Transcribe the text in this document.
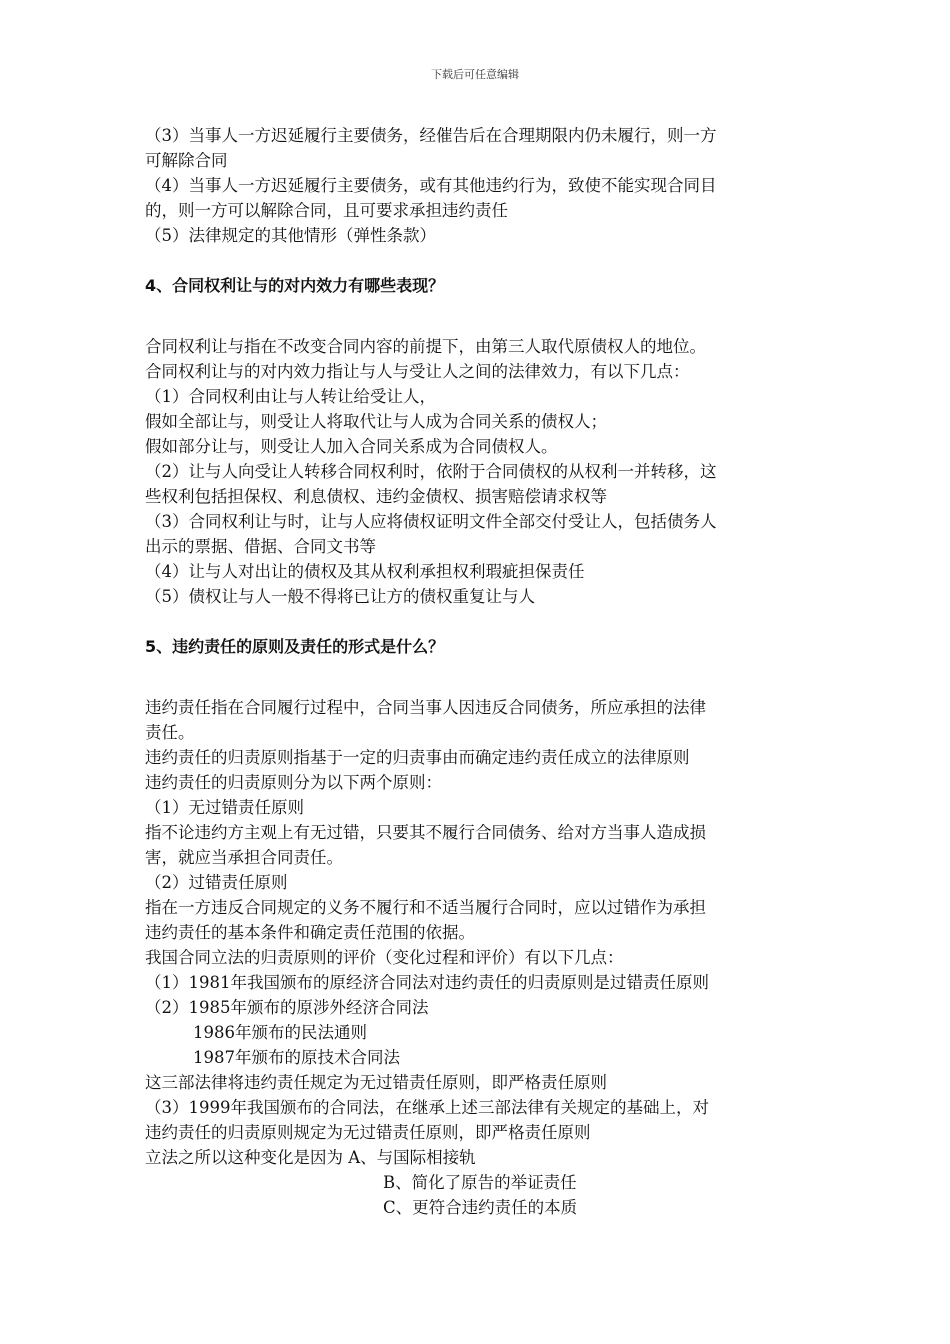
下载后可任意编辑

（3）当事人一方迟延履行主要债务，经催告后在合理期限内仍未履行，则一方

可解除合同

（4）当事人一方迟延履行主要债务，或有其他违约行为，致使不能实现合同目

的，则一方可以解除合同，且可要求承担违约责任

（5）法律规定的其他情形（弹性条款）

4、合同权利让与的对内效力有哪些表现？

合同权利让与指在不改变合同内容的前提下，由第三人取代原债权人的地位。

合同权利让与的对内效力指让与人与受让人之间的法律效力，有以下几点：

（1）合同权利由让与人转让给受让人，

假如全部让与，则受让人将取代让与人成为合同关系的债权人；

假如部分让与，则受让人加入合同关系成为合同债权人。

（2）让与人向受让人转移合同权利时，依附于合同债权的从权利一并转移，这

些权利包括担保权、利息债权、违约金债权、损害赔偿请求权等

（3）合同权利让与时，让与人应将债权证明文件全部交付受让人，包括债务人

出示的票据、借据、合同文书等

（4）让与人对出让的债权及其从权利承担权利瑕疵担保责任

（5）债权让与人一般不得将已让方的债权重复让与人

5、违约责任的原则及责任的形式是什么？

违约责任指在合同履行过程中，合同当事人因违反合同债务，所应承担的法律

责任。

违约责任的归责原则指基于一定的归责事由而确定违约责任成立的法律原则

违约责任的归责原则分为以下两个原则：

（1）无过错责任原则

指不论违约方主观上有无过错，只要其不履行合同债务、给对方当事人造成损

害，就应当承担合同责任。

（2）过错责任原则

指在一方违反合同规定的义务不履行和不适当履行合同时，应以过错作为承担

违约责任的基本条件和确定责任范围的依据。

我国合同立法的归责原则的评价（变化过程和评价）有以下几点：

（1）1981年我国颁布的原经济合同法对违约责任的归责原则是过错责任原则

（2）1985年颁布的原涉外经济合同法

1986年颁布的民法通则

1987年颁布的原技术合同法

这三部法律将违约责任规定为无过错责任原则，即严格责任原则

（3）1999年我国颁布的合同法，在继承上述三部法律有关规定的基础上，对

违约责任的归责原则规定为无过错责任原则，即严格责任原则

立法之所以这种变化是因为 A、与国际相接轨

B、简化了原告的举证责任

C、更符合违约责任的本质
